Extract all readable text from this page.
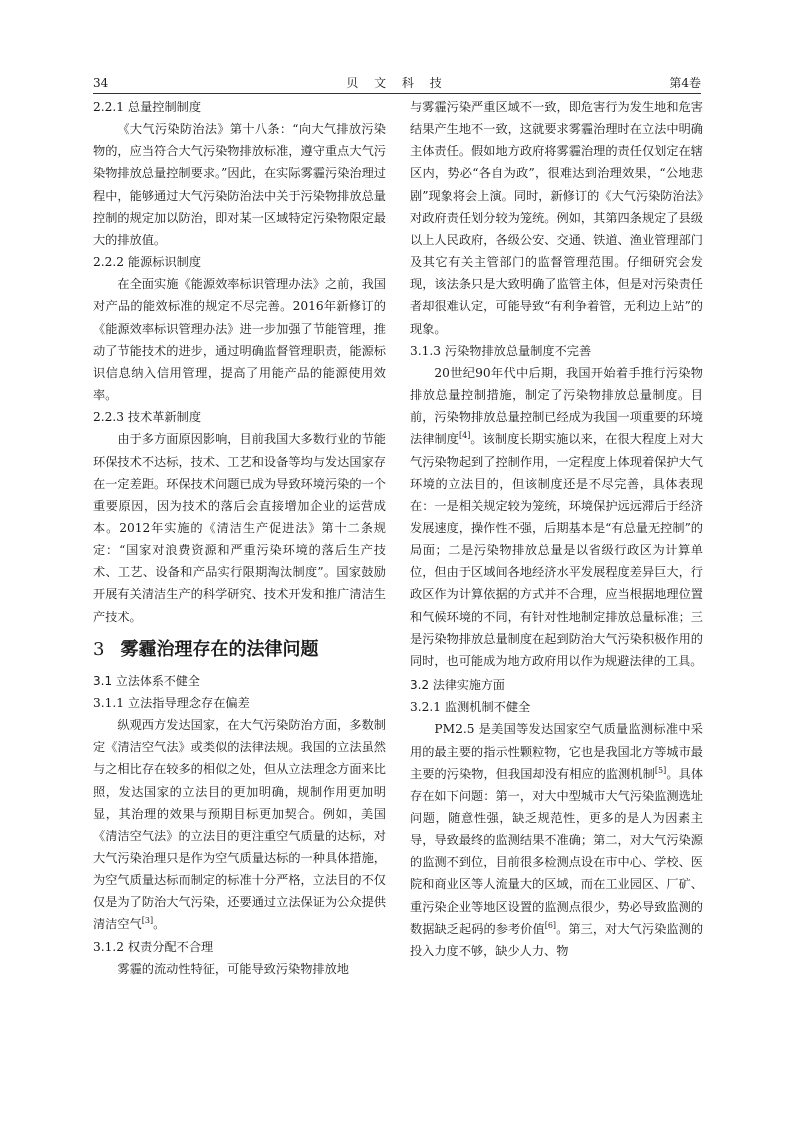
34	贝 文 科 技	第4卷
2.2.1 总量控制制度

《大气污染防治法》第十八条：“向大气排放污染物的，应当符合大气污染物排放标准，遵守重点大气污染物排放总量控制要求。”因此，在实际雾霾污染治理过程中，能够通过大气污染防治法中关于污染物排放总量控制的规定加以防治，即对某一区域特定污染物限定最大的排放值。

2.2.2 能源标识制度

在全面实施《能源效率标识管理办法》之前，我国对产品的能效标准的规定不尽完善。2016年新修订的《能源效率标识管理办法》进一步加强了节能管理，推动了节能技术的进步，通过明确监督管理职责，能源标识信息纳入信用管理，提高了用能产品的能源使用效率。

2.2.3 技术革新制度

由于多方面原因影响，目前我国大多数行业的节能环保技术不达标，技术、工艺和设备等均与发达国家存在一定差距。环保技术问题已成为导致环境污染的一个重要原因，因为技术的落后会直接增加企业的运营成本。2012年实施的《清洁生产促进法》第十二条规定：“国家对浪费资源和严重污染环境的落后生产技术、工艺、设备和产品实行限期淘汰制度”。国家鼓励开展有关清洁生产的科学研究、技术开发和推广清洁生产技术。

3 雾霾治理存在的法律问题
3.1 立法体系不健全
3.1.1 立法指导理念存在偏差

纵观西方发达国家，在大气污染防治方面，多数制定《清洁空气法》或类似的法律法规。我国的立法虽然与之相比存在较多的相似之处，但从立法理念方面来比照，发达国家的立法目的更加明确，规制作用更加明显，其治理的效果与预期目标更加契合。例如，美国《清洁空气法》的立法目的更注重空气质量的达标，对大气污染治理只是作为空气质量达标的一种具体措施，为空气质量达标而制定的标准十分严格，立法目的不仅仅是为了防治大气污染，还要通过立法保证为公众提供清洁空气[3]。

3.1.2 权责分配不合理

雾霾的流动性特征，可能导致污染物排放地

与雾霾污染严重区域不一致，即危害行为发生地和危害结果产生地不一致，这就要求雾霾治理时在立法中明确主体责任。假如地方政府将雾霾治理的责任仅划定在辖区内，势必“各自为政”，很难达到治理效果，“公地悲剧”现象将会上演。同时，新修订的《大气污染防治法》对政府责任划分较为笼统。例如，其第四条规定了县级以上人民政府，各级公安、交通、铁道、渔业管理部门及其它有关主管部门的监督管理范围。仔细研究会发现，该法条只是大致明确了监管主体，但是对污染责任者却很难认定，可能导致“有利争着管，无利边上站”的现象。

3.1.3 污染物排放总量制度不完善

20世纪90年代中后期，我国开始着手推行污染物排放总量控制措施，制定了污染物排放总量制度。目前，污染物排放总量控制已经成为我国一项重要的环境法律制度[4]。该制度长期实施以来，在很大程度上对大气污染物起到了控制作用，一定程度上体现着保护大气环境的立法目的，但该制度还是不尽完善，具体表现在：一是相关规定较为笼统，环境保护远远滞后于经济发展速度，操作性不强，后期基本是“有总量无控制”的局面；二是污染物排放总量是以省级行政区为计算单位，但由于区域间各地经济水平发展程度差异巨大，行政区作为计算依据的方式并不合理，应当根据地理位置和气候环境的不同，有针对性地制定排放总量标准；三是污染物排放总量制度在起到防治大气污染积极作用的同时，也可能成为地方政府用以作为规避法律的工具。

3.2 法律实施方面
3.2.1 监测机制不健全

PM2.5 是美国等发达国家空气质量监测标准中采用的最主要的指示性颗粒物，它也是我国北方等城市最主要的污染物，但我国却没有相应的监测机制[5]。具体存在如下问题：第一，对大中型城市大气污染监测选址问题，随意性强，缺乏规范性，更多的是人为因素主导，导致最终的监测结果不准确；第二，对大气污染源的监测不到位，目前很多检测点设在市中心、学校、医院和商业区等人流量大的区域，而在工业园区、厂矿、重污染企业等地区设置的监测点很少，势必导致监测的数据缺乏起码的参考价值[6]。第三，对大气污染监测的投入力度不够，缺少人力、物
